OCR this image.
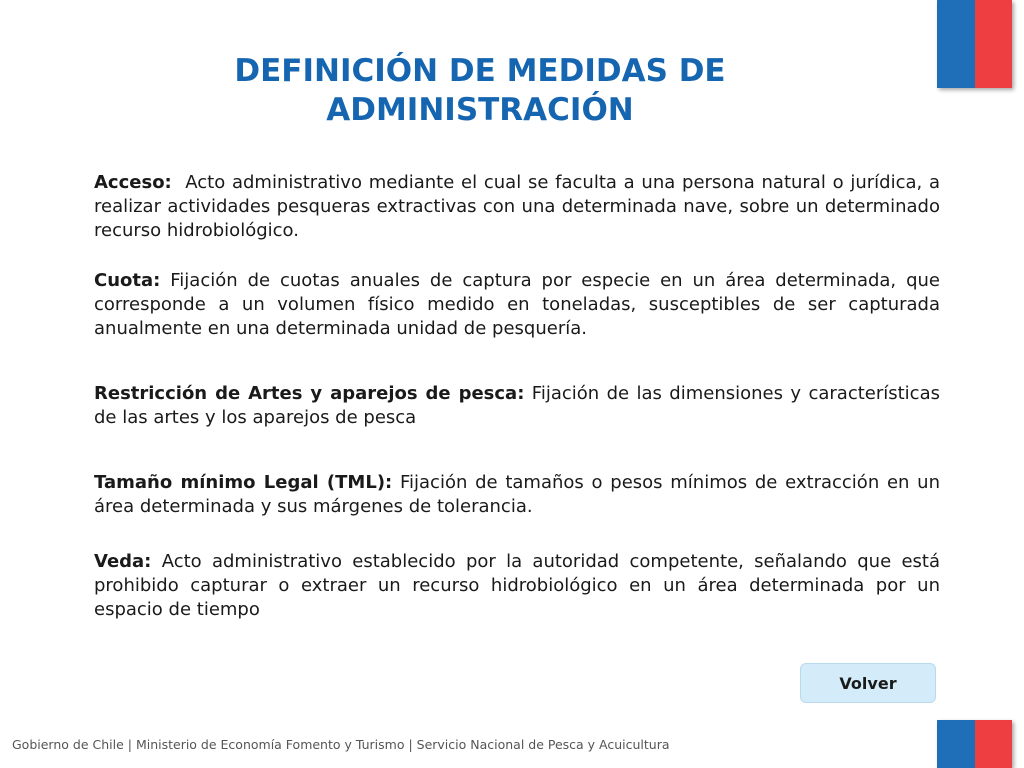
DEFINICIÓN DE MEDIDAS DE ADMINISTRACIÓN

Acceso: Acto administrativo mediante el cual se faculta a una persona natural o jurídica, a realizar actividades pesqueras extractivas con una determinada nave, sobre un determinado recurso hidrobiológico.

Cuota: Fijación de cuotas anuales de captura por especie en un área determinada, que corresponde a un volumen físico medido en toneladas, susceptibles de ser capturada anualmente en una determinada unidad de pesquería.

Restricción de Artes y aparejos de pesca: Fijación de las dimensiones y características de las artes y los aparejos de pesca

Tamaño mínimo Legal (TML): Fijación de tamaños o pesos mínimos de extracción en un área determinada y sus márgenes de tolerancia.

Veda: Acto administrativo establecido por la autoridad competente, señalando que está prohibido capturar o extraer un recurso hidrobiológico en un área determinada por un espacio de tiempo

Volver
Gobierno de Chile | Ministerio de Economía Fomento y Turismo | Servicio Nacional de Pesca y Acuicultura
